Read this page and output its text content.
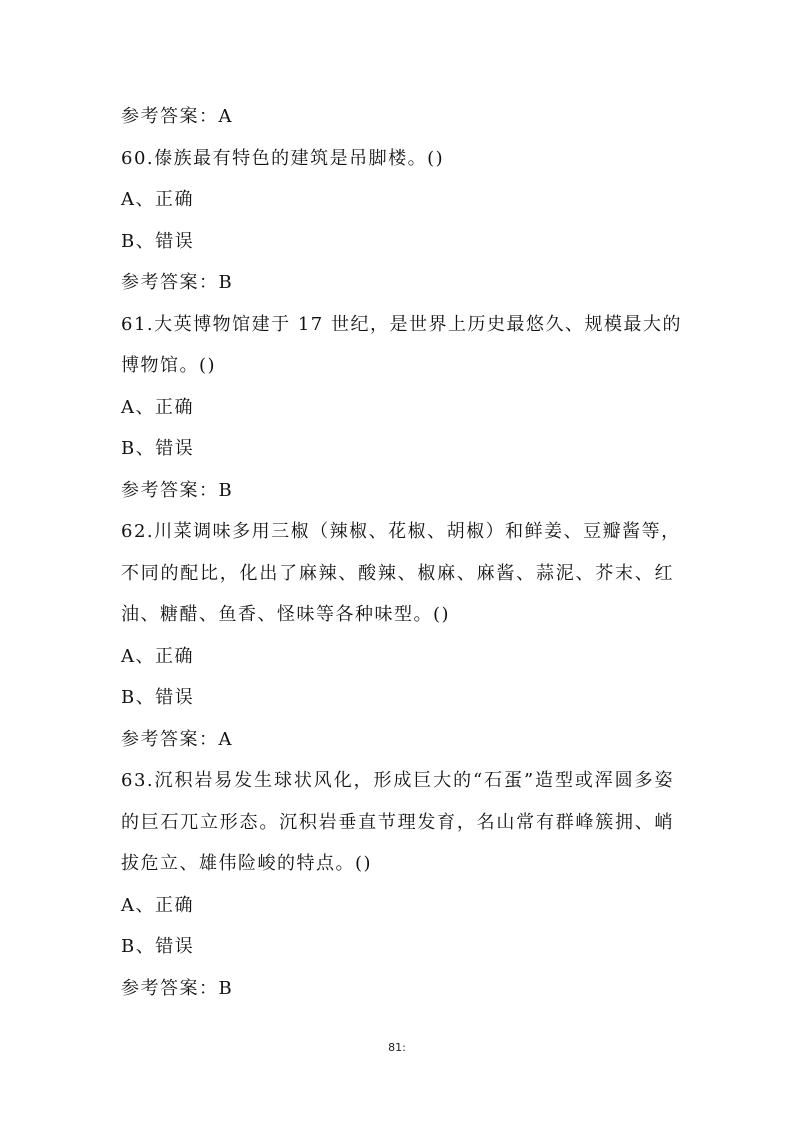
参考答案：A

60.傣族最有特色的建筑是吊脚楼。()

A、正确

B、错误

参考答案：B

61.大英博物馆建于 17 世纪，是世界上历史最悠久、规模最大的

博物馆。()

A、正确

B、错误

参考答案：B

62.川菜调味多用三椒（辣椒、花椒、胡椒）和鲜姜、豆瓣酱等，

不同的配比，化出了麻辣、酸辣、椒麻、麻酱、蒜泥、芥末、红

油、糖醋、鱼香、怪味等各种味型。()

A、正确

B、错误

参考答案：A

63.沉积岩易发生球状风化，形成巨大的“石蛋”造型或浑圆多姿

的巨石兀立形态。沉积岩垂直节理发育，名山常有群峰簇拥、峭

拔危立、雄伟险峻的特点。()

A、正确

B、错误

参考答案：B

81:
